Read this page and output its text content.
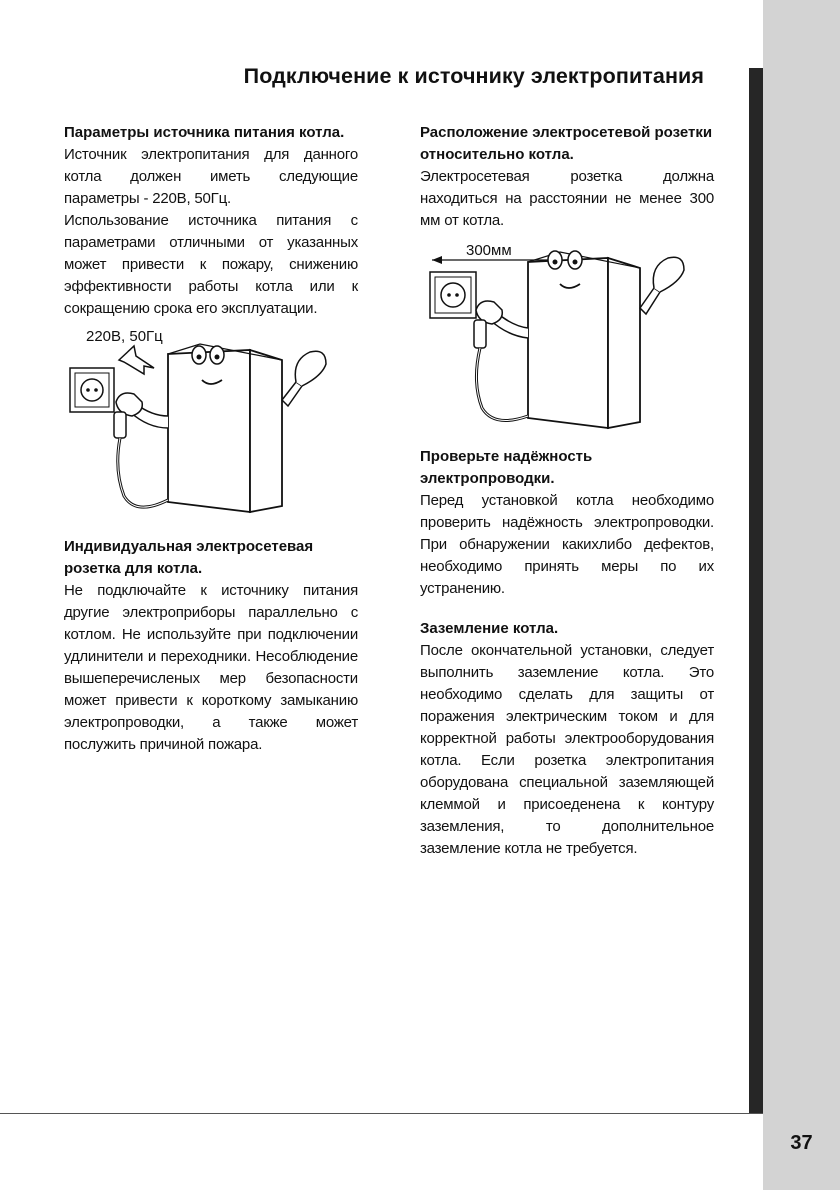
37
Подключение к источнику электропитания

Параметры источника питания котла.

Источник электропитания для данного котла должен иметь следующие параметры - 220В, 50Гц.

Использование источника питания с параметрами отличными от указанных может привести к пожару, снижению эффективности работы котла или к сокращению срока его эксплуатации.

220В, 50Гц

Индивидуальная электросетевая розетка для котла.

Не подключайте к источнику питания другие электроприборы параллельно с котлом. Не используйте при подключении удлинители и переходники. Несоблюдение вышеперечисленых мер безопасности может привести к короткому замыканию электропроводки, а также может послужить причиной пожара.

Расположение электросетевой розетки относительно котла.

Электросетевая розетка должна находиться на расстоянии не менее 300 мм от котла.

300мм

Проверьте надёжность электропроводки.

Перед установкой котла необходимо проверить надёжность электропроводки. При обнаружении какихлибо дефектов, необходимо принять меры по их устранению.

Заземление котла.

После окончательной установки, следует выполнить заземление котла. Это необходимо сделать для защиты от поражения электрическим током и для корректной работы электрооборудования котла. Если розетка электропитания оборудована специальной заземляющей клеммой и присоеденена к контуру заземления, то дополнительное заземление котла не требуется.
